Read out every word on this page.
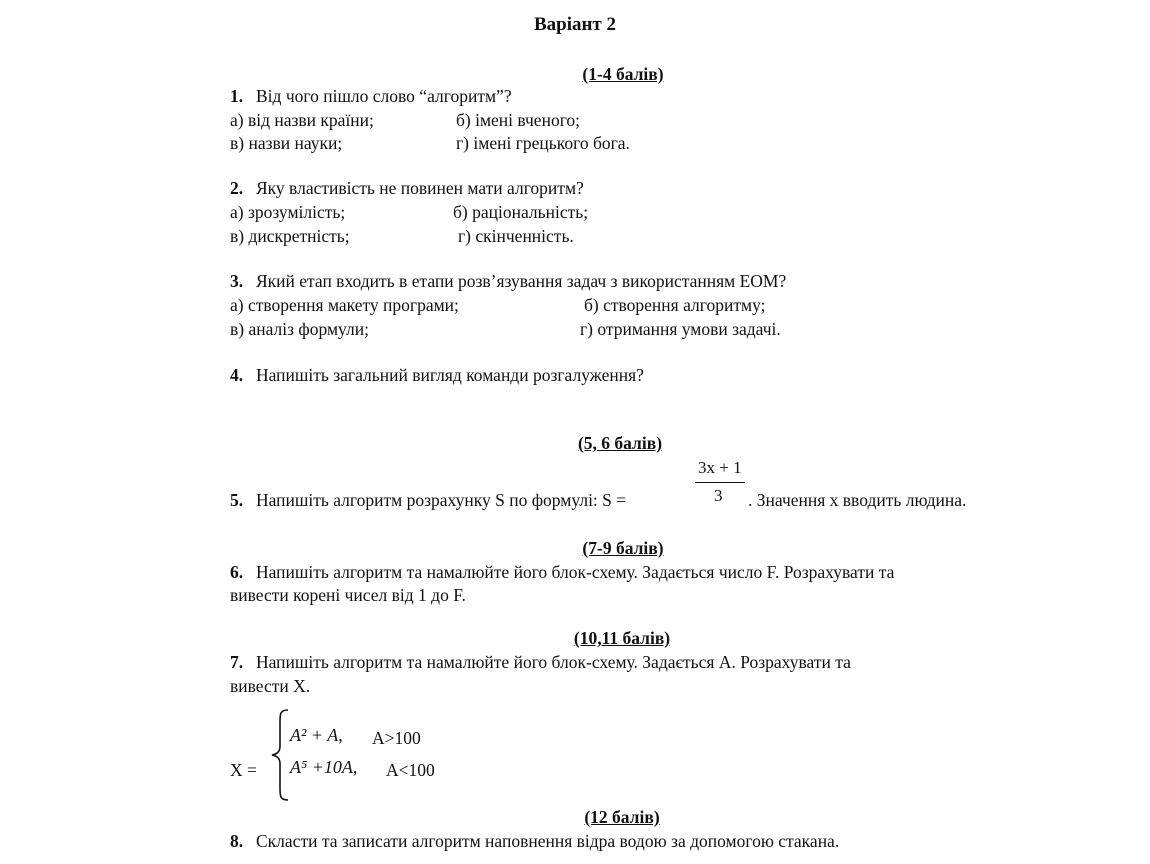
Варіант 2
(1-4 балів)
1. Від чого пішло слово “алгоритм”?
а) від назви країни;	б) імені вченого;
в) назви науки;	г) імені грецького бога.
2. Яку властивість не повинен мати алгоритм?
а) зрозумілість;	б) раціональність;
в) дискретність;	г) скінченність.
3. Який етап входить в етапи розв’язування задач з використанням ЕОМ?
а) створення макету програми;	б) створення алгоритму;
в) аналіз формули;	г) отримання умови задачі.
4. Напишіть загальний вигляд команди розгалуження?
(5, 6 балів)
5. Напишіть алгоритм розрахунку S по формулі: S =
3x + 1
3 . Значення x вводить людина.
(7-9 балів)
6. Напишіть алгоритм та намалюйте його блок-схему. Задається число F. Розрахувати та
вивести корені чисел від 1 до F.
(10,11 балів)
7. Напишіть алгоритм та намалюйте його блок-схему. Задається А. Розрахувати та
вивести Х.
Х =
A² + A, A>100
A⁵ +10A, A<100
(12 балів)
8. Скласти та записати алгоритм наповнення відра водою за допомогою стакана.
